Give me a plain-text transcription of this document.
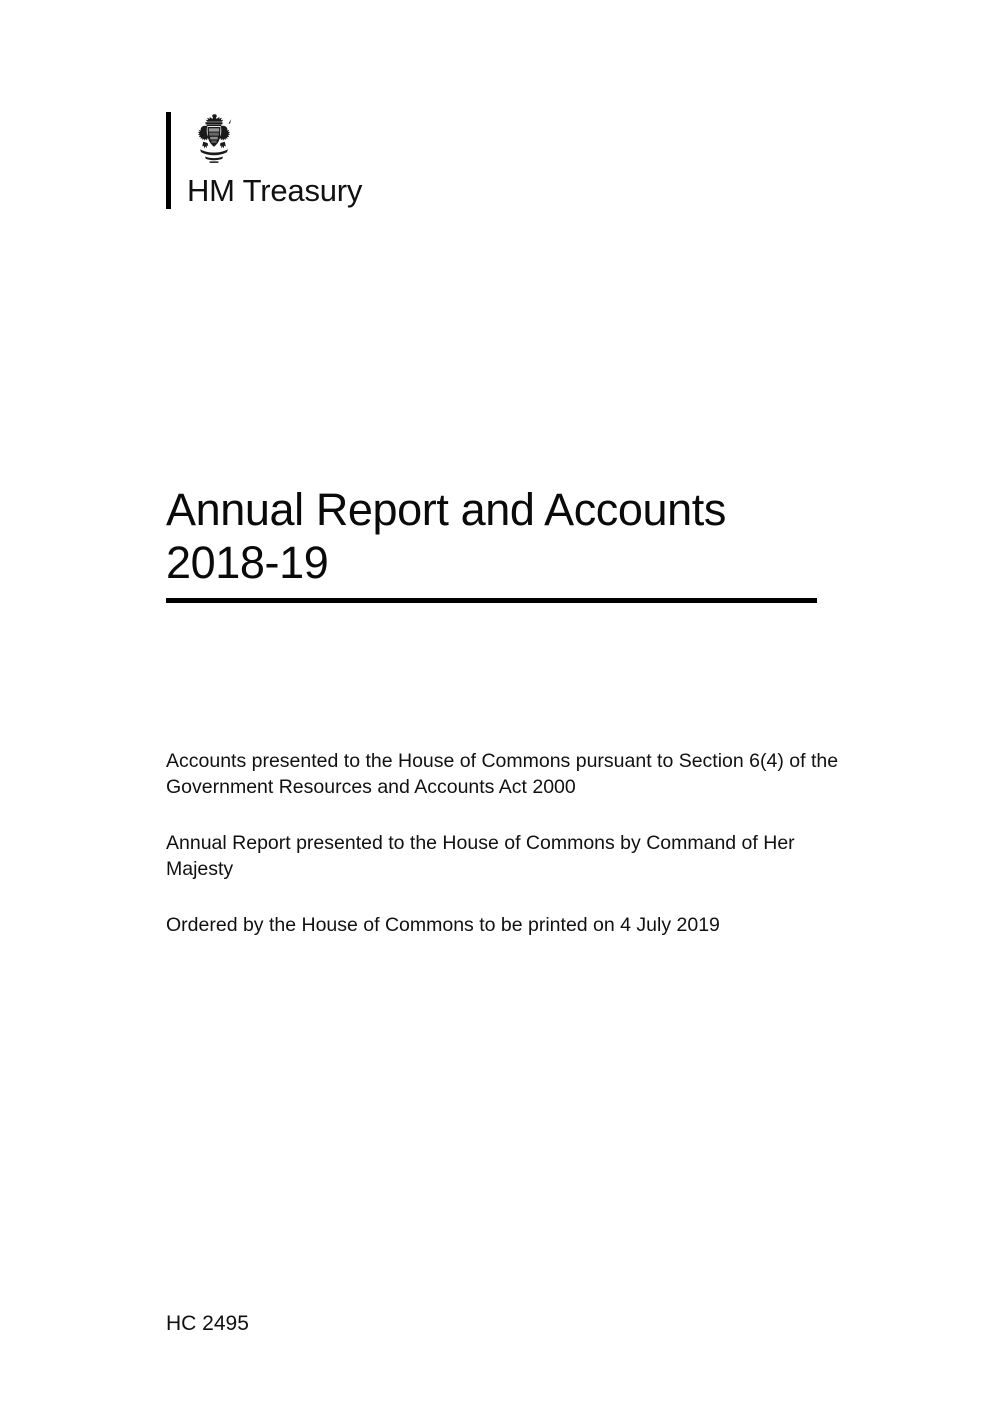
HM Treasury
Annual Report and Accounts
2018-19

Accounts presented to the House of Commons pursuant to Section 6(4) of the Government Resources and Accounts Act 2000

Annual Report presented to the House of Commons by Command of Her Majesty

Ordered by the House of Commons to be printed on 4 July 2019

HC 2495
